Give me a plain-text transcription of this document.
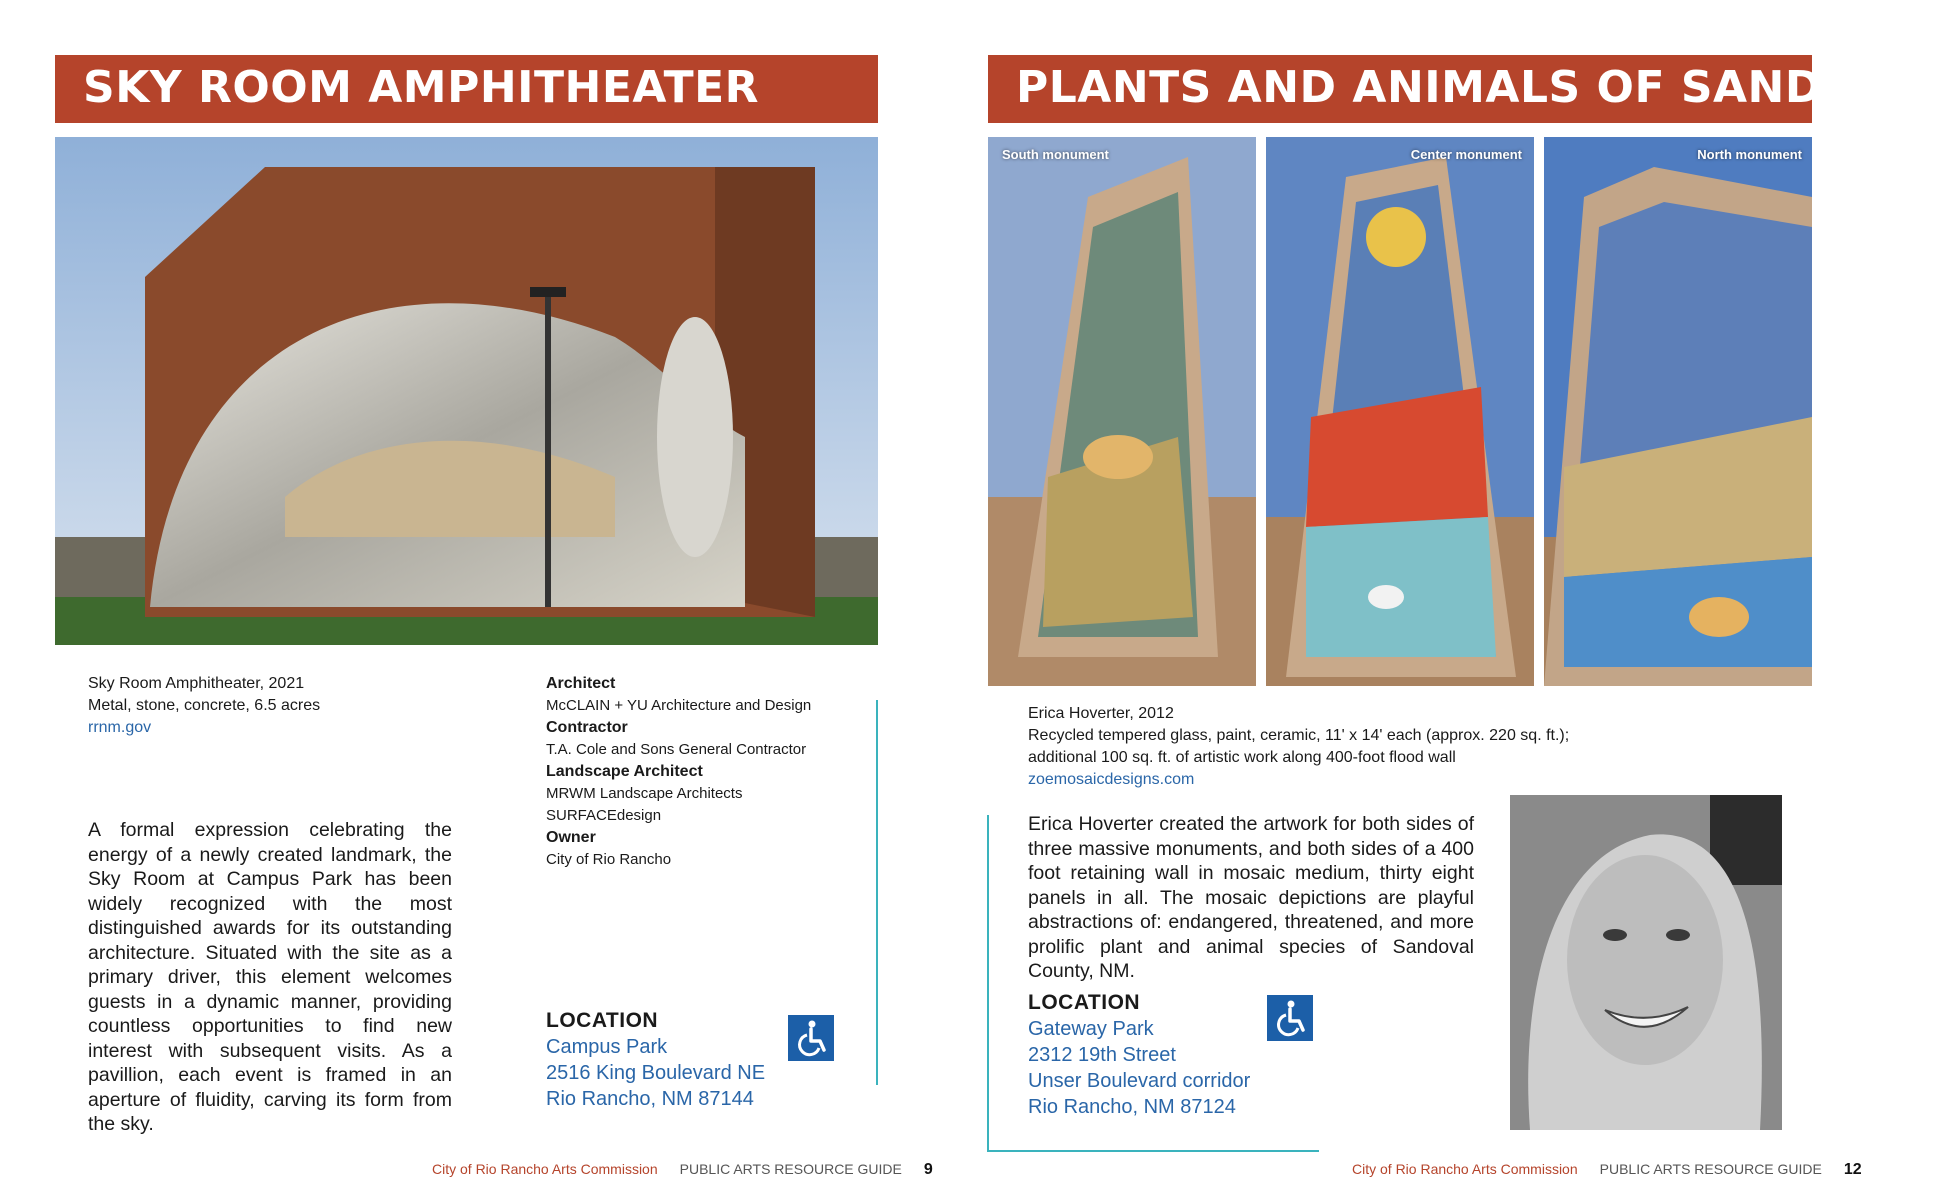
SKY ROOM AMPHITHEATER
Sky Room Amphitheater, 2021
Metal, stone, concrete, 6.5 acres
rrnm.gov
Architect
McCLAIN + YU Architecture and Design
Contractor
T.A. Cole and Sons General Contractor
Landscape Architect
MRWM Landscape Architects
SURFACEdesign
Owner
City of Rio Rancho
A formal expression celebrating the energy of a newly created landmark, the Sky Room at Campus Park has been widely recognized with the most distinguished awards for its outstanding architecture. Situated with the site as a primary driver, this element welcomes guests in a dynamic manner, providing countless opportunities to find new interest with subsequent visits. As a pavillion, each event is framed in an aperture of fluidity, carving its form from the sky.
LOCATION
Campus Park
2516 King Boulevard NE
Rio Rancho, NM 87144
City of Rio Rancho Arts Commission PUBLIC ARTS RESOURCE GUIDE 9
PLANTS AND ANIMALS OF SANDOVAL
South monument	Center monument	North monument
Erica Hoverter, 2012
Recycled tempered glass, paint, ceramic, 11' x 14' each (approx. 220 sq. ft.);
additional 100 sq. ft. of artistic work along 400-foot flood wall
zoemosaicdesigns.com
Erica Hoverter created the artwork for both sides of three massive monuments, and both sides of a 400 foot retaining wall in mosaic medium, thirty eight panels in all. The mosaic depictions are playful abstractions of: endangered, threatened, and more prolific plant and animal species of Sandoval County, NM.
LOCATION
Gateway Park
2312 19th Street
Unser Boulevard corridor
Rio Rancho, NM 87124
City of Rio Rancho Arts Commission PUBLIC ARTS RESOURCE GUIDE 12
